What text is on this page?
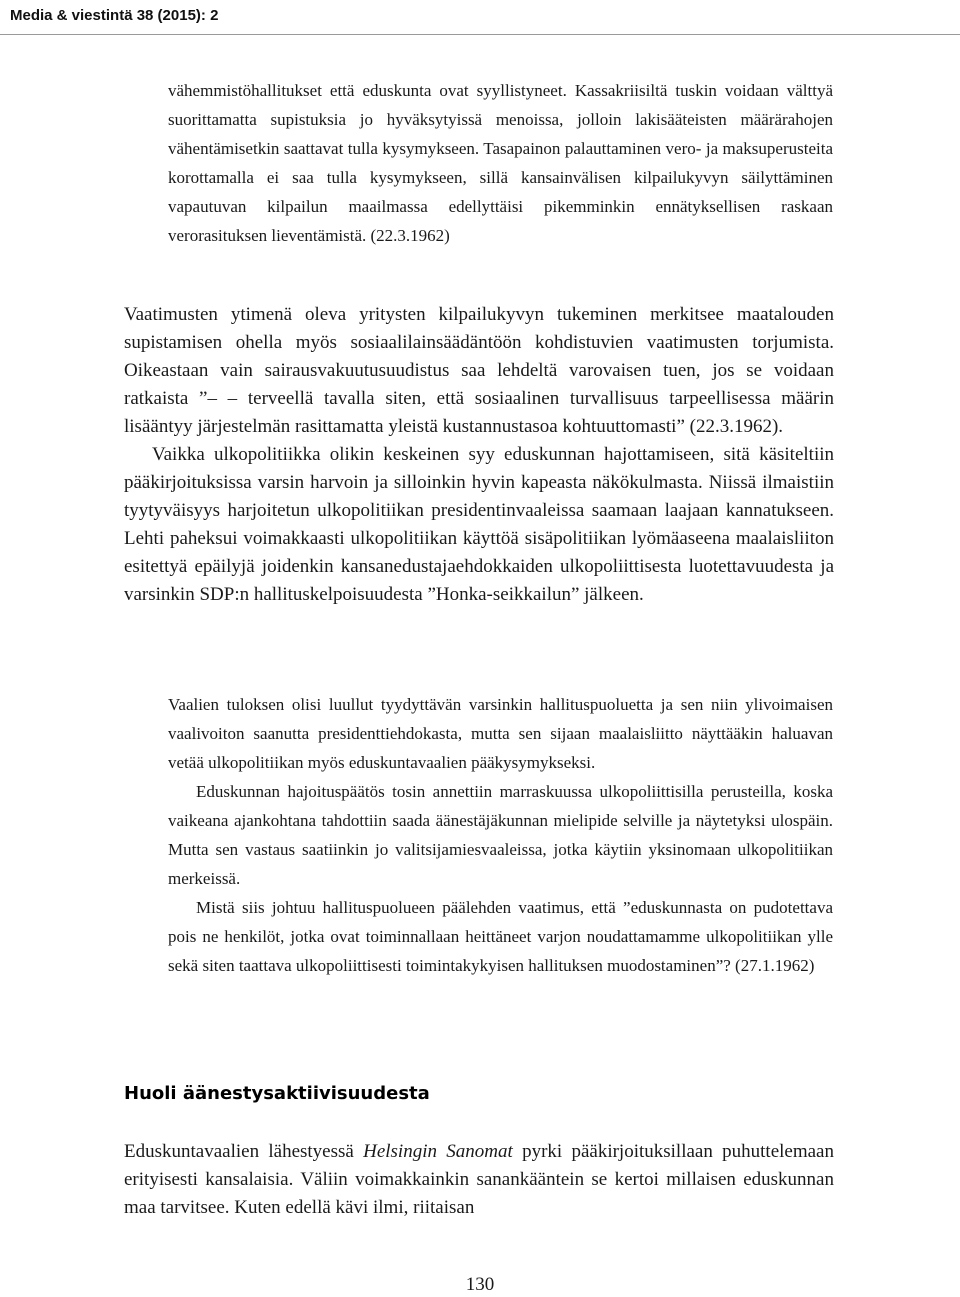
Media & viestintä 38 (2015): 2

vähemmistöhallitukset että eduskunta ovat syyllistyneet. Kassakriisiltä tuskin voidaan välttyä suorittamatta supistuksia jo hyväksytyissä menoissa, jolloin lakisääteisten määrärahojen vähentämisetkin saattavat tulla kysymykseen. Tasapainon palauttaminen vero- ja maksuperusteita korottamalla ei saa tulla kysymykseen, sillä kansainvälisen kilpailukyvyn säilyttäminen vapautuvan kilpailun maailmassa edellyttäisi pikemminkin ennätyksellisen raskaan verorasituksen lieventämistä. (22.3.1962)

Vaatimusten ytimenä oleva yritysten kilpailukyvyn tukeminen merkitsee maatalouden supistamisen ohella myös sosiaalilainsäädäntöön kohdistuvien vaatimusten torjumista. Oikeastaan vain sairausvakuutusuudistus saa lehdeltä varovaisen tuen, jos se voidaan ratkaista ”– – terveellä tavalla siten, että sosiaalinen turvallisuus tarpeellisessa määrin lisääntyy järjestelmän rasittamatta yleistä kustannustasoa kohtuuttomasti” (22.3.1962).

Vaikka ulkopolitiikka olikin keskeinen syy eduskunnan hajottamiseen, sitä käsiteltiin pääkirjoituksissa varsin harvoin ja silloinkin hyvin kapeasta näkökulmasta. Niissä ilmaistiin tyytyväisyys harjoitetun ulkopolitiikan presidentinvaaleissa saamaan laajaan kannatukseen. Lehti paheksui voimakkaasti ulkopolitiikan käyttöä sisäpolitiikan lyömäaseena maalaisliiton esitettyä epäilyjä joidenkin kansanedustajaehdokkaiden ulkopoliittisesta luotettavuudesta ja varsinkin SDP:n hallituskelpoisuudesta ”Honka-seikkailun” jälkeen.

Vaalien tuloksen olisi luullut tyydyttävän varsinkin hallituspuoluetta ja sen niin ylivoimaisen vaalivoiton saanutta presidenttiehdokasta, mutta sen sijaan maalaisliitto näyttääkin haluavan vetää ulkopolitiikan myös eduskuntavaalien pääkysymykseksi.

Eduskunnan hajoituspäätös tosin annettiin marraskuussa ulkopoliittisilla perusteilla, koska vaikeana ajankohtana tahdottiin saada äänestäjäkunnan mielipide selville ja näytetyksi ulospäin. Mutta sen vastaus saatiinkin jo valitsijamiesvaaleissa, jotka käytiin yksinomaan ulkopolitiikan merkeissä.

Mistä siis johtuu hallituspuolueen päälehden vaatimus, että ”eduskunnasta on pudotettava pois ne henkilöt, jotka ovat toiminnallaan heittäneet varjon noudattamamme ulkopolitiikan ylle sekä siten taattava ulkopoliittisesti toimintakykyisen hallituksen muodostaminen”? (27.1.1962)

Huoli äänestysaktiivisuudesta

Eduskuntavaalien lähestyessä Helsingin Sanomat pyrki pääkirjoituksillaan puhuttelemaan erityisesti kansalaisia. Väliin voimakkainkin sanankääntein se kertoi millaisen eduskunnan maa tarvitsee. Kuten edellä kävi ilmi, riitaisan

130
